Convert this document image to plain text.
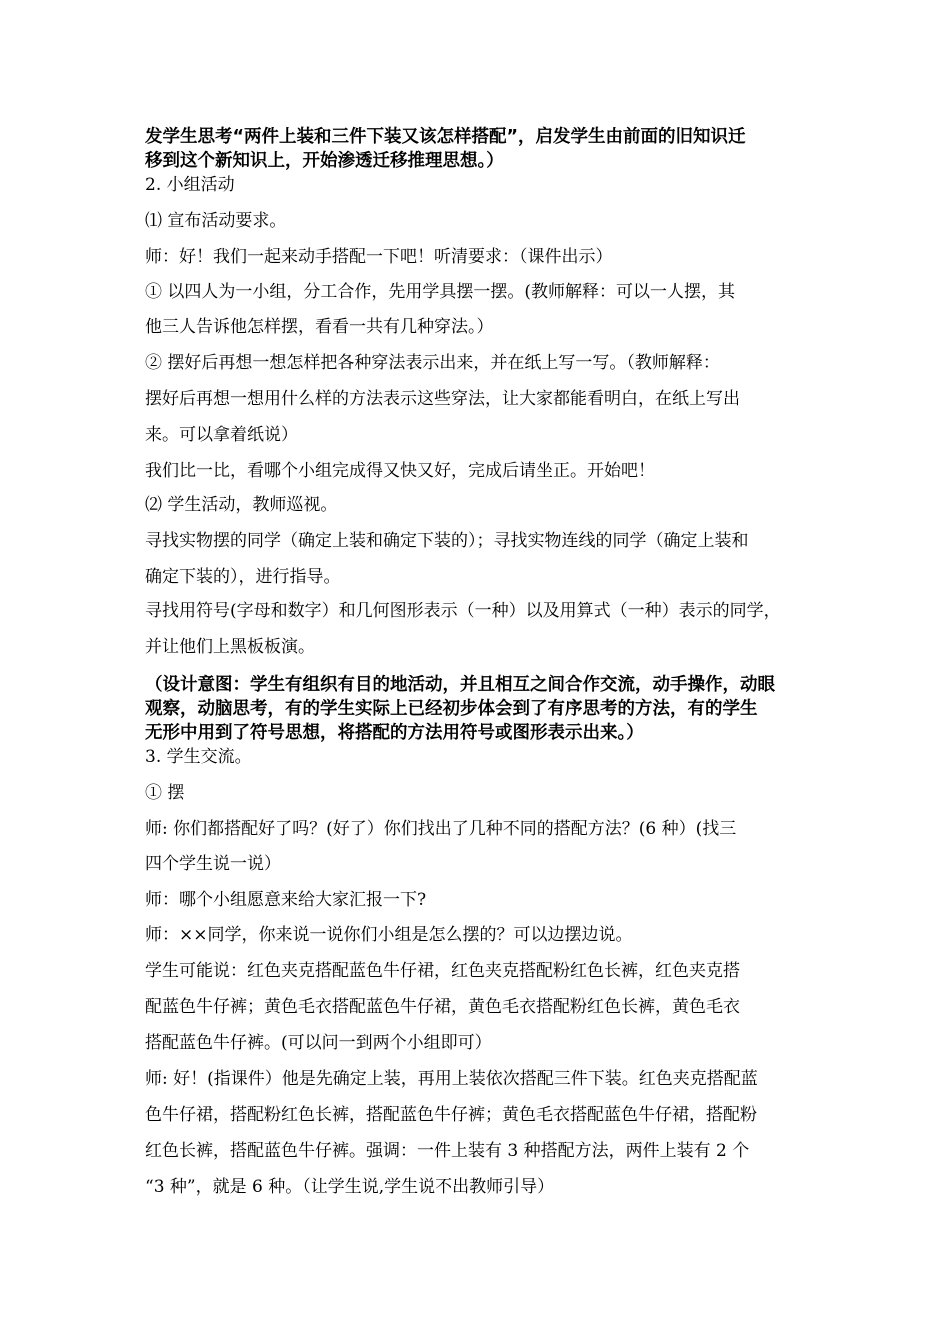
发学生思考“两件上装和三件下装又该怎样搭配”，启发学生由前面的旧知识迁
移到这个新知识上，开始渗透迁移推理思想。）
2. 小组活动
⑴ 宣布活动要求。
师：好！我们一起来动手搭配一下吧！听清要求：（课件出示）
① 以四人为一小组，分工合作，先用学具摆一摆。(教师解释：可以一人摆，其
他三人告诉他怎样摆，看看一共有几种穿法。）
② 摆好后再想一想怎样把各种穿法表示出来，并在纸上写一写。（教师解释：
摆好后再想一想用什么样的方法表示这些穿法，让大家都能看明白，在纸上写出
来。可以拿着纸说）
我们比一比，看哪个小组完成得又快又好，完成后请坐正。开始吧！
⑵ 学生活动，教师巡视。
寻找实物摆的同学（确定上装和确定下装的）；寻找实物连线的同学（确定上装和
确定下装的），进行指导。
寻找用符号(字母和数字）和几何图形表示（一种）以及用算式（一种）表示的同学，
并让他们上黑板板演。
（设计意图：学生有组织有目的地活动，并且相互之间合作交流，动手操作，动眼
观察，动脑思考，有的学生实际上已经初步体会到了有序思考的方法，有的学生
无形中用到了符号思想，将搭配的方法用符号或图形表示出来。）
3. 学生交流。
① 摆
师: 你们都搭配好了吗？(好了）你们找出了几种不同的搭配方法？(6 种）(找三
四个学生说一说）
师：哪个小组愿意来给大家汇报一下?
师：××同学，你来说一说你们小组是怎么摆的？可以边摆边说。
学生可能说：红色夹克搭配蓝色牛仔裙，红色夹克搭配粉红色长裤，红色夹克搭
配蓝色牛仔裤；黄色毛衣搭配蓝色牛仔裙，黄色毛衣搭配粉红色长裤，黄色毛衣
搭配蓝色牛仔裤。(可以问一到两个小组即可）
师: 好！(指课件）他是先确定上装，再用上装依次搭配三件下装。红色夹克搭配蓝
色牛仔裙，搭配粉红色长裤，搭配蓝色牛仔裤；黄色毛衣搭配蓝色牛仔裙，搭配粉
红色长裤，搭配蓝色牛仔裤。强调：一件上装有 3 种搭配方法，两件上装有 2 个
“3 种”，就是 6 种。（让学生说,学生说不出教师引导）
